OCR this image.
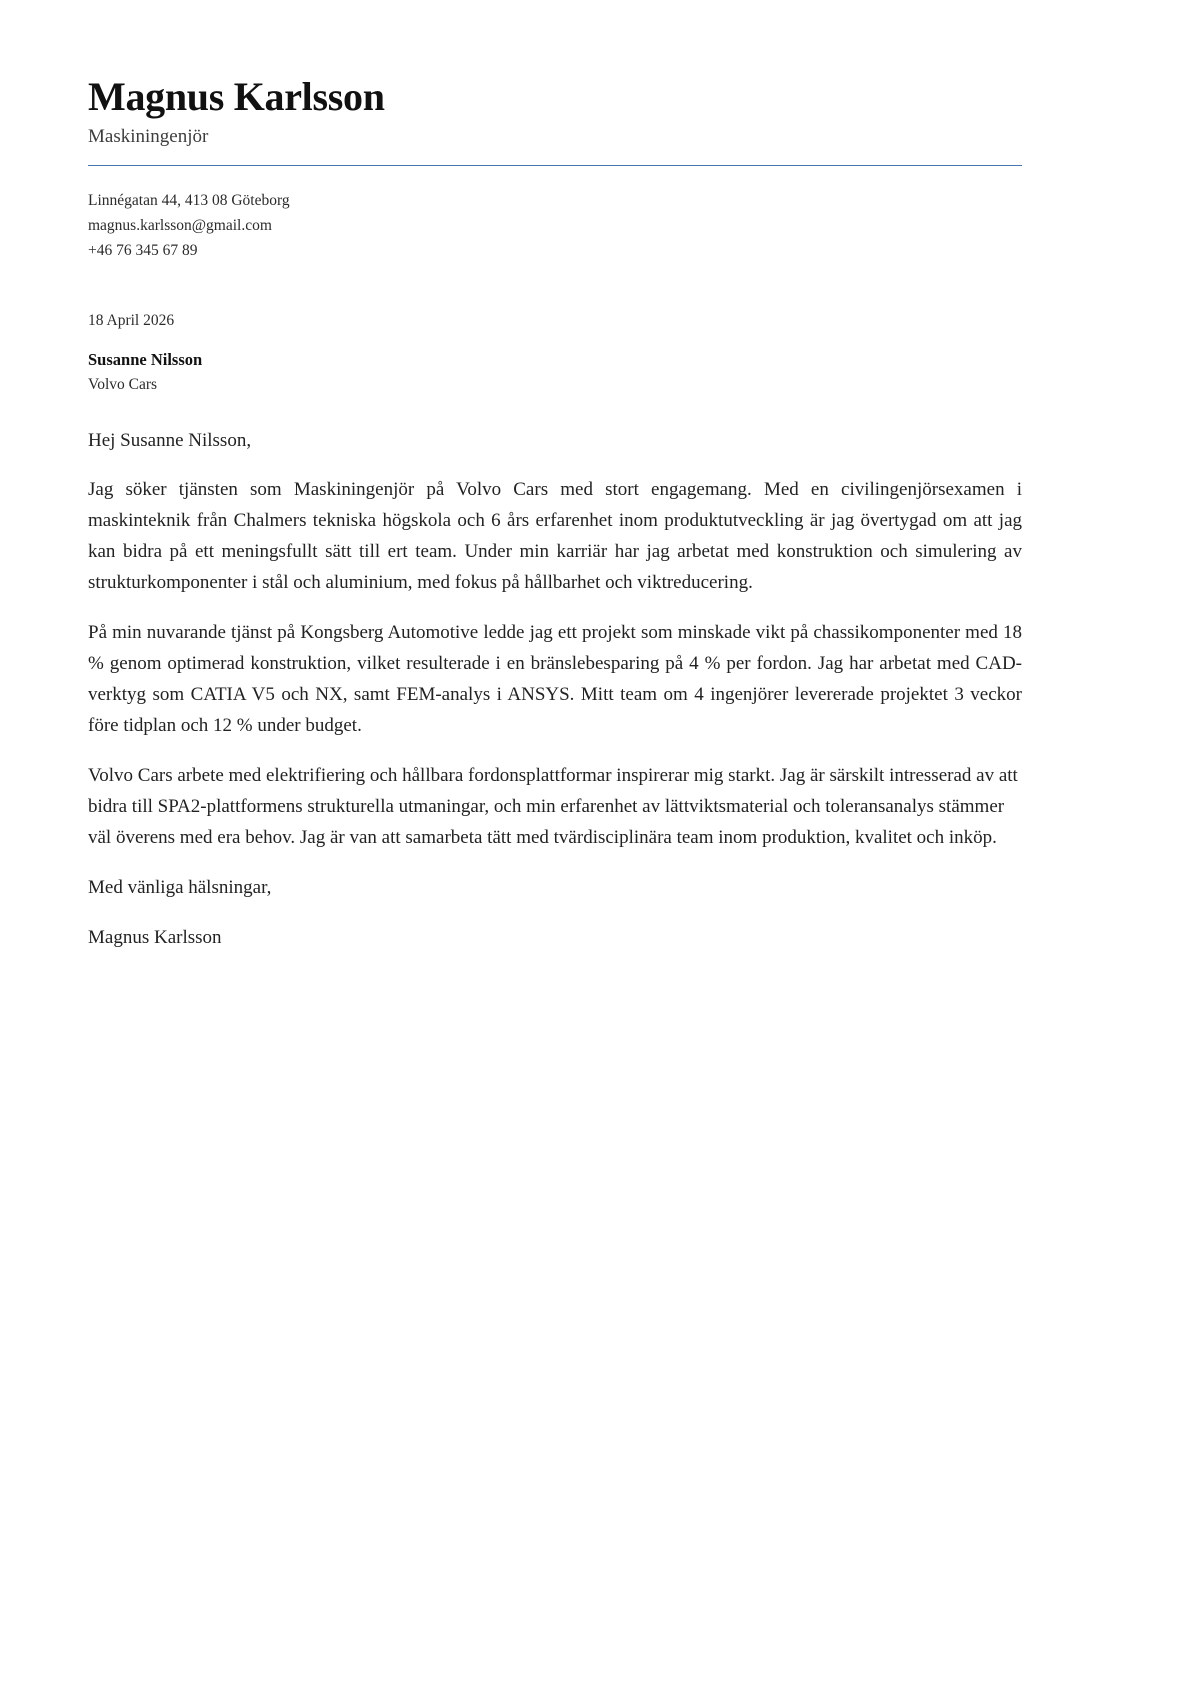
Magnus Karlsson
Maskiningenjör
Linnégatan 44, 413 08 Göteborg
magnus.karlsson@gmail.com
+46 76 345 67 89
18 April 2026
Susanne Nilsson
Volvo Cars

Hej Susanne Nilsson,

Jag söker tjänsten som Maskiningenjör på Volvo Cars med stort engagemang. Med en civilingenjörsexamen i maskinteknik från Chalmers tekniska högskola och 6 års erfarenhet inom produktutveckling är jag övertygad om att jag kan bidra på ett meningsfullt sätt till ert team. Under min karriär har jag arbetat med konstruktion och simulering av strukturkomponenter i stål och aluminium, med fokus på hållbarhet och viktreducering.

På min nuvarande tjänst på Kongsberg Automotive ledde jag ett projekt som minskade vikt på chassikomponenter med 18 % genom optimerad konstruktion, vilket resulterade i en bränslebesparing på 4 % per fordon. Jag har arbetat med CAD-verktyg som CATIA V5 och NX, samt FEM-analys i ANSYS. Mitt team om 4 ingenjörer levererade projektet 3 veckor före tidplan och 12 % under budget.

Volvo Cars arbete med elektrifiering och hållbara fordonsplattformar inspirerar mig starkt. Jag är särskilt intresserad av att bidra till SPA2-plattformens strukturella utmaningar, och min erfarenhet av lättviktsmaterial och toleransanalys stämmer väl överens med era behov. Jag är van att samarbeta tätt med tvärdisciplinära team inom produktion, kvalitet och inköp.

Med vänliga hälsningar,

Magnus Karlsson
